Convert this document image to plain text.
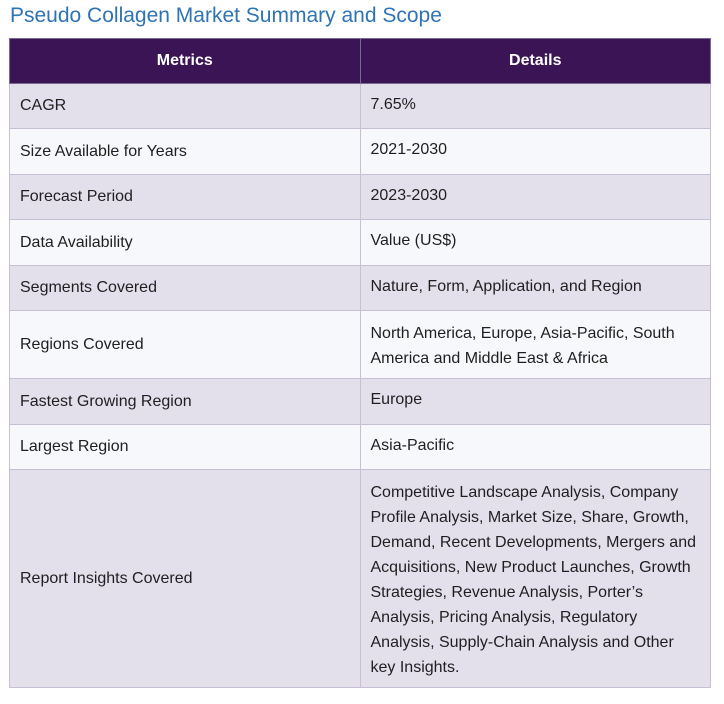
Pseudo Collagen Market Summary and Scope
Metrics	Details
CAGR	7.65%
Size Available for Years	2021-2030
Forecast Period	2023-2030
Data Availability	Value (US$)
Segments Covered	Nature, Form, Application, and Region
Regions Covered	North America, Europe, Asia-Pacific, South America and Middle East & Africa
Fastest Growing Region	Europe
Largest Region	Asia-Pacific
Report Insights Covered	Competitive Landscape Analysis, Company Profile Analysis, Market Size, Share, Growth, Demand, Recent Developments, Mergers and Acquisitions, New Product Launches, Growth Strategies, Revenue Analysis, Porter’s Analysis, Pricing Analysis, Regulatory Analysis, Supply-Chain Analysis and Other key Insights.
